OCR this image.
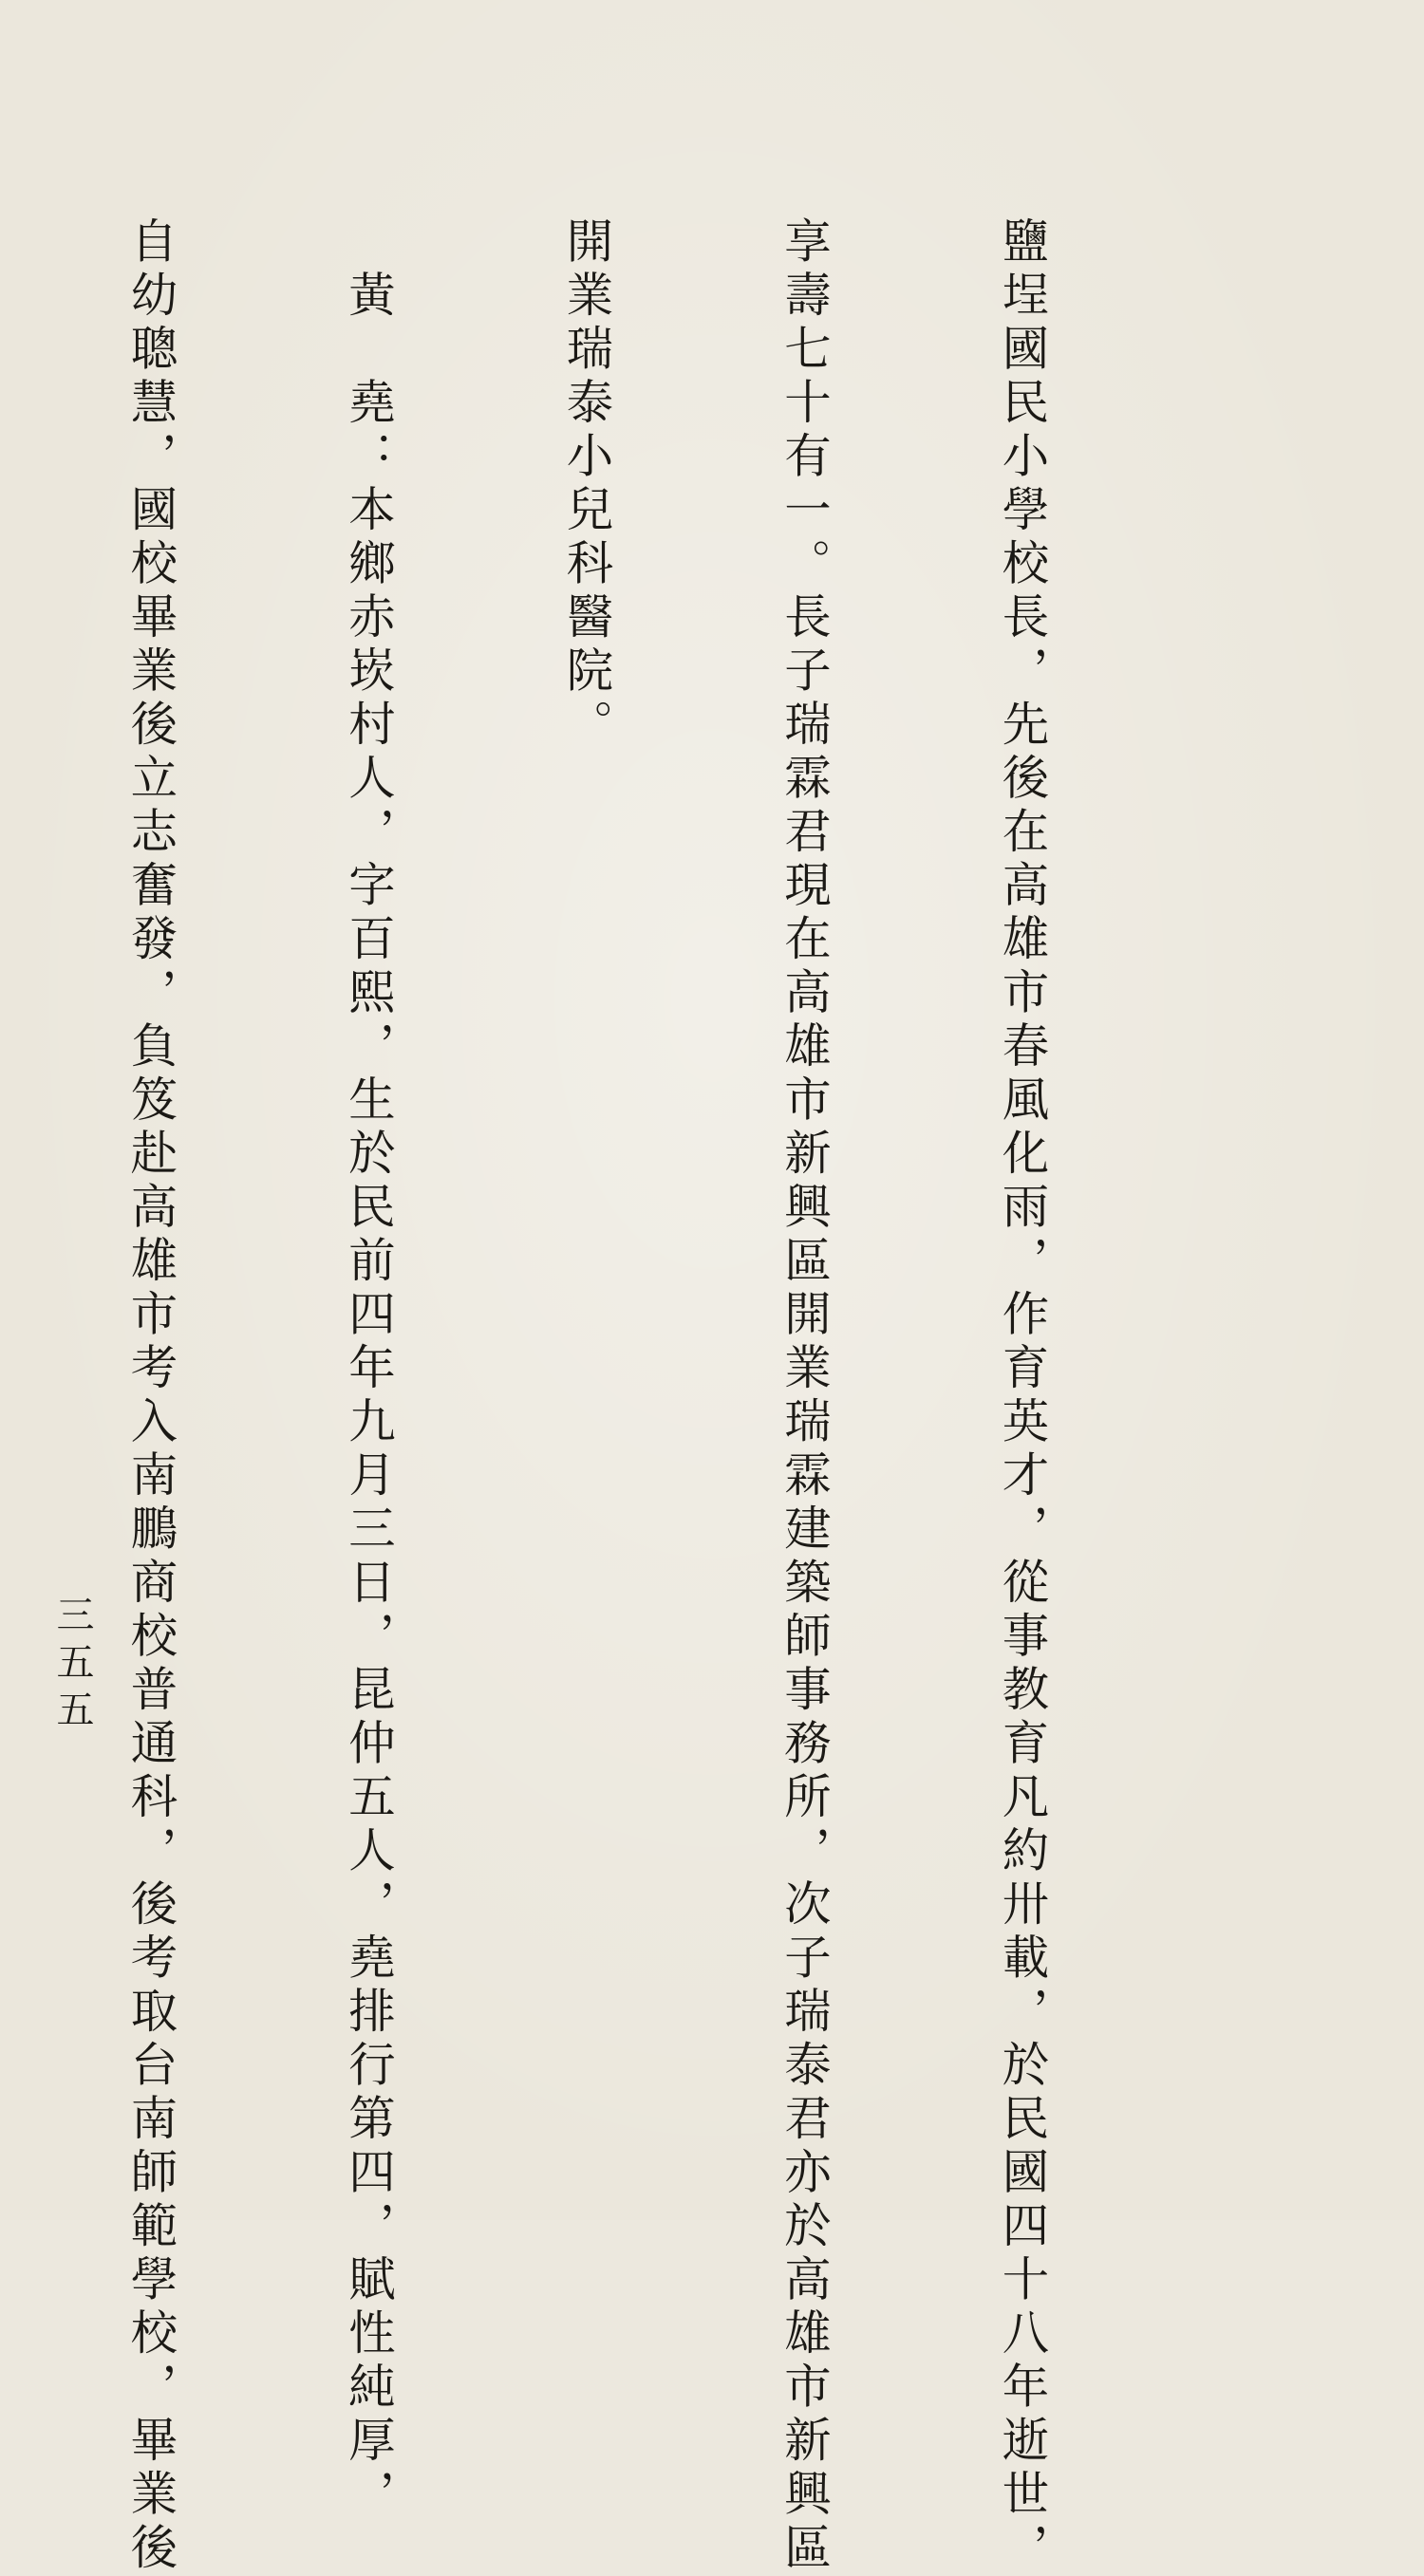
鹽埕國民小學校長，先後在高雄市春風化雨，作育英才，從事教育凡約卅載，於民國四十八年逝世，

享壽七十有一。長子瑞霖君現在高雄市新興區開業瑞霖建築師事務所，次子瑞泰君亦於高雄市新興區

開業瑞泰小兒科醫院。

　黃　堯：本鄉赤崁村人，字百熙，生於民前四年九月三日，昆仲五人，堯排行第四，賦性純厚，

自幼聰慧，國校畢業後立志奮發，負笈赴高雄市考入南鵬商校普通科，後考取台南師範學校，畢業後

三五五
